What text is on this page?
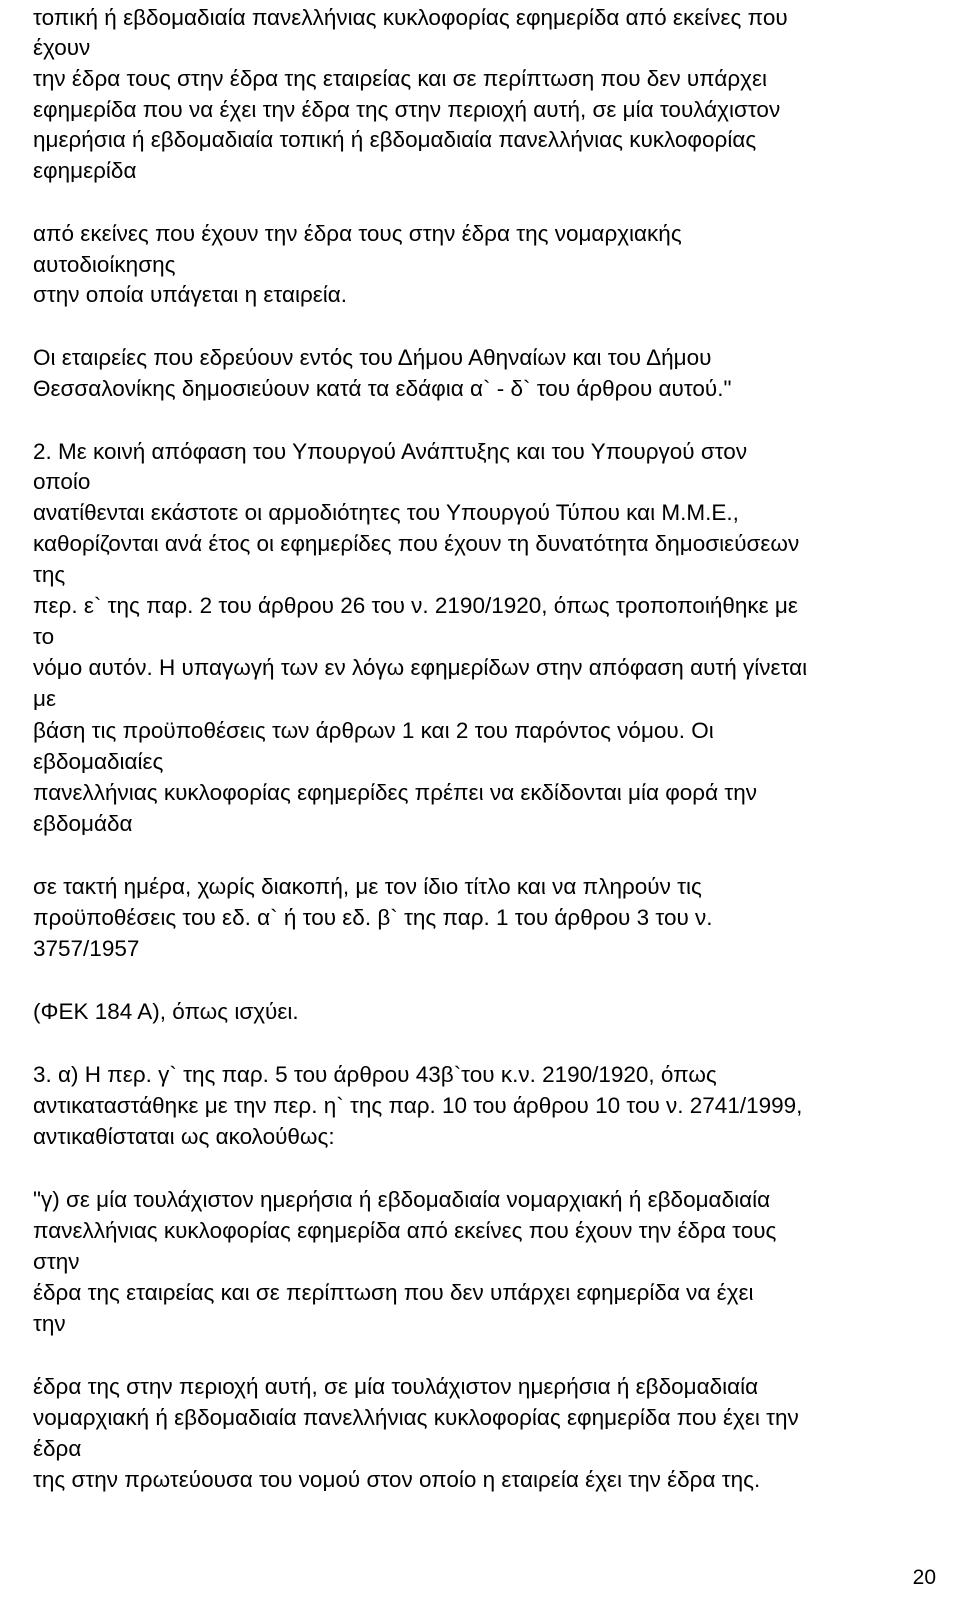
τοπική ή εβδομαδιαία πανελλήνιας κυκλοφορίας εφημερίδα από εκείνες που
έχουν
την έδρα τους στην έδρα της εταιρείας και σε περίπτωση που δεν υπάρχει
εφημερίδα που να έχει την έδρα της στην περιοχή αυτή, σε μία τουλάχιστον
ημερήσια ή εβδομαδιαία τοπική ή εβδομαδιαία πανελλήνιας κυκλοφορίας
εφημερίδα
από εκείνες που έχουν την έδρα τους στην έδρα της νομαρχιακής
αυτοδιοίκησης
στην οποία υπάγεται η εταιρεία.
Οι εταιρείες που εδρεύουν εντός του Δήμου Αθηναίων και του Δήμου
Θεσσαλονίκης δημοσιεύουν κατά τα εδάφια α` - δ` του άρθρου αυτού."
2. Με κοινή απόφαση του Υπουργού Ανάπτυξης και του Υπουργού στον
οποίο
ανατίθενται εκάστοτε οι αρμοδιότητες του Υπουργού Τύπου και Μ.Μ.Ε.,
καθορίζονται ανά έτος οι εφημερίδες που έχουν τη δυνατότητα δημοσιεύσεων
της
περ. ε` της παρ. 2 του άρθρου 26 του ν. 2190/1920, όπως τροποποιήθηκε με
το
νόμο αυτόν. Η υπαγωγή των εν λόγω εφημερίδων στην απόφαση αυτή γίνεται
με
βάση τις προϋποθέσεις των άρθρων 1 και 2 του παρόντος νόμου. Οι
εβδομαδιαίες
πανελλήνιας κυκλοφορίας εφημερίδες πρέπει να εκδίδονται μία φορά την
εβδομάδα
σε τακτή ημέρα, χωρίς διακοπή, με τον ίδιο τίτλο και να πληρούν τις
προϋποθέσεις του εδ. α` ή του εδ. β` της παρ. 1 του άρθρου 3 του ν.
3757/1957
(ΦΕΚ 184 Α), όπως ισχύει.
3. α) Η περ. γ` της παρ. 5 του άρθρου 43β`του κ.ν. 2190/1920, όπως
αντικαταστάθηκε με την περ. η` της παρ. 10 του άρθρου 10 του ν. 2741/1999,
αντικαθίσταται ως ακολούθως:
"γ) σε μία τουλάχιστον ημερήσια ή εβδομαδιαία νομαρχιακή ή εβδομαδιαία
πανελλήνιας κυκλοφορίας εφημερίδα από εκείνες που έχουν την έδρα τους
στην
έδρα της εταιρείας και σε περίπτωση που δεν υπάρχει εφημερίδα να έχει
την
έδρα της στην περιοχή αυτή, σε μία τουλάχιστον ημερήσια ή εβδομαδιαία
νομαρχιακή ή εβδομαδιαία πανελλήνιας κυκλοφορίας εφημερίδα που έχει την
έδρα
της στην πρωτεύουσα του νομού στον οποίο η εταιρεία έχει την έδρα της.
20
